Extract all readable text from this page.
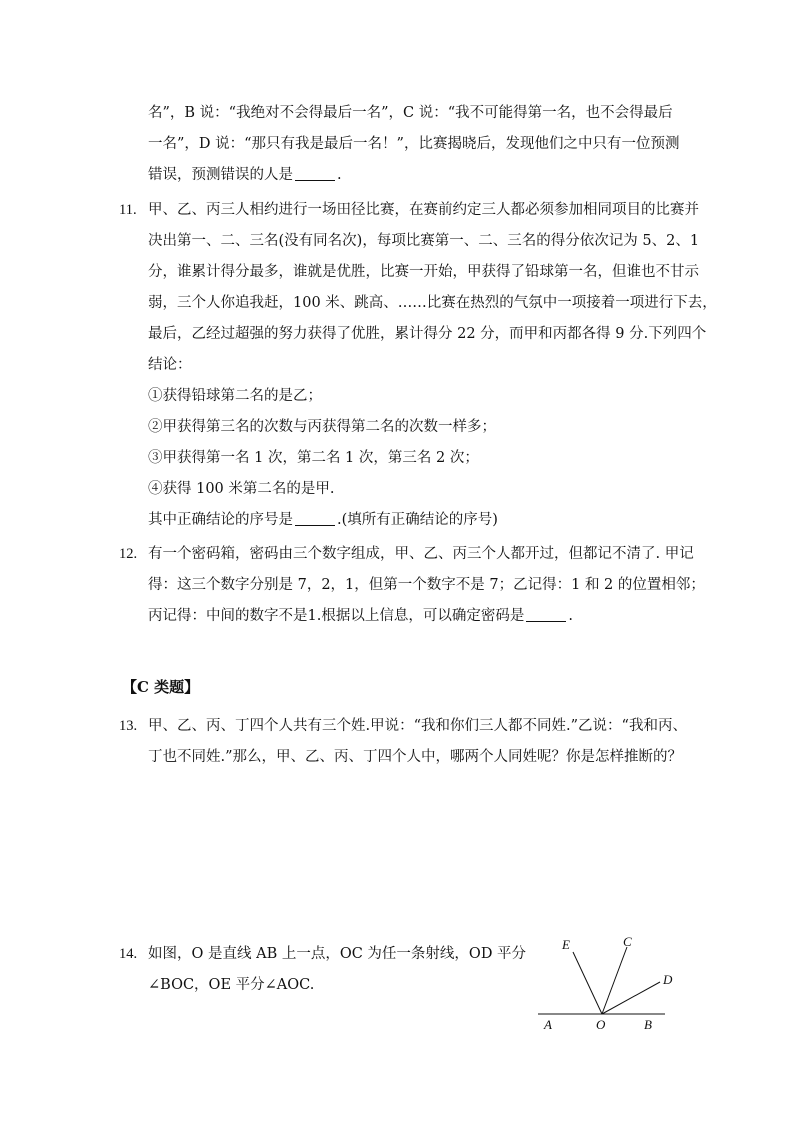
名”，B 说：“我绝对不会得最后一名”，C 说：“我不可能得第一名，也不会得最后
一名”，D 说：“那只有我是最后一名！”，比赛揭晓后，发现他们之中只有一位预测
错误，预测错误的人是	.
11. 甲、乙、丙三人相约进行一场田径比赛，在赛前约定三人都必须参加相同项目的比赛并
决出第一、二、三名(没有同名次)，每项比赛第一、二、三名的得分依次记为 5、2、1
分，谁累计得分最多，谁就是优胜，比赛一开始，甲获得了铅球第一名，但谁也不甘示
弱，三个人你追我赶，100 米、跳高、……比赛在热烈的气氛中一项接着一项进行下去，
最后，乙经过超强的努力获得了优胜，累计得分 22 分，而甲和丙都各得 9 分.下列四个
结论：
①获得铅球第二名的是乙；
②甲获得第三名的次数与丙获得第二名的次数一样多；
③甲获得第一名 1 次，第二名 1 次，第三名 2 次；
④获得 100 米第二名的是甲.
其中正确结论的序号是	.(填所有正确结论的序号)
12. 有一个密码箱，密码由三个数字组成，甲、乙、丙三个人都开过，但都记不清了. 甲记
得：这三个数字分别是 7，2，1，但第一个数字不是 7；乙记得：1 和 2 的位置相邻；
丙记得：中间的数字不是1.根据以上信息，可以确定密码是	.
【C 类题】
13. 甲、乙、丙、丁四个人共有三个姓.甲说：“我和你们三人都不同姓.”乙说：“我和丙、
丁也不同姓.”那么，甲、乙、丙、丁四个人中，哪两个人同姓呢？你是怎样推断的？
14. 如图，O 是直线 AB 上一点，OC 为任一条射线，OD 平分
∠BOC，OE 平分∠AOC.
E	C
D
A	O	B
